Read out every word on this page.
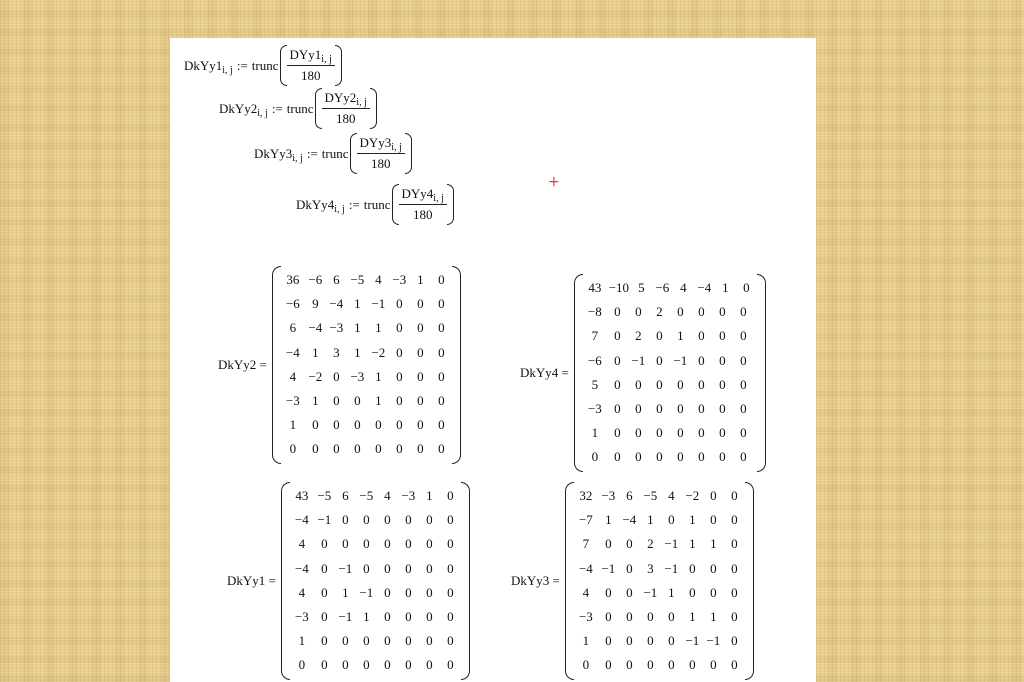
$DkYy1_{i, j}$ := trunc $\frac{DYy1_{i, j}}{180}$
$DkYy2_{i, j}$ := trunc $\frac{DYy2_{i, j}}{180}$
$DkYy3_{i, j}$ := trunc $\frac{DYy3_{i, j}}{180}$
$DkYy4_{i, j}$ := trunc $\frac{DYy4_{i, j}}{180}$
+
DkYy2 =
36 −6 6 −5 4 −3 1	0
−6 9 −4 1 −1 0	0	0
6 −4 −3 1	1	0	0	0
−4 1	3	1 −2 0	0	0
4 −2 0 −3 1	0	0	0
−3 1	0	0	1	0	0	0
1	0	0	0	0	0	0	0
0	0	0	0	0	0	0	0
DkYy4 =
43 −10 5 −6 4 −4 1	0
−8 0	0	2	0	0	0	0
7	0	2	0	1	0	0	0
−6 0 −1 0 −1 0	0	0
5	0	0	0	0	0	0	0
−3 0	0	0	0	0	0	0
1	0	0	0	0	0	0	0
0	0	0	0	0	0	0	0
DkYy1 =
43 −5 6 −5 4 −3 1	0
−4 −1 0	0	0	0	0	0
4	0	0	0	0	0	0	0
−4 0 −1 0	0	0	0	0
4	0	1 −1 0	0	0	0
−3 0 −1 1	0	0	0	0
1	0	0	0	0	0	0	0
0	0	0	0	0	0	0	0
DkYy3 =
32 −3 6 −5 4 −2 0	0
−7 1 −4 1	0	1	0	0
7	0	0	2 −1 1	1	0
−4 −1 0	3 −1 0	0	0
4	0	0 −1 1	0	0	0
−3 0	0	0	0	1	1	0
1	0	0	0	0 −1 −1 0
0	0	0	0	0	0	0	0
